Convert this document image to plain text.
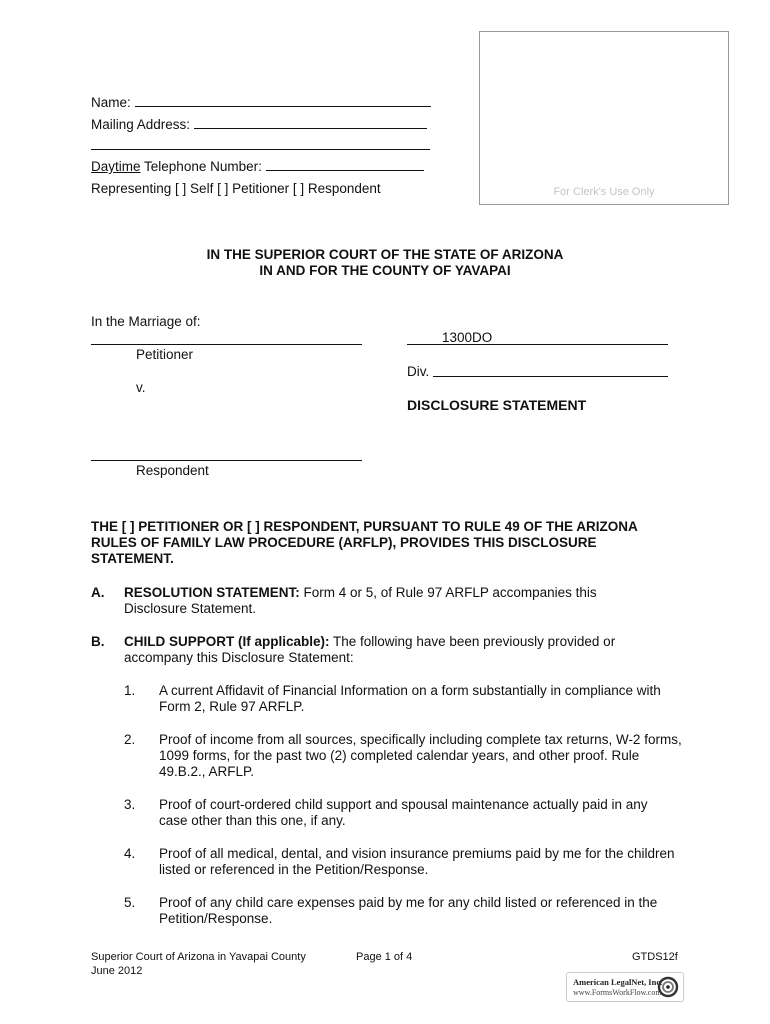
Name:
Mailing Address:
Daytime Telephone Number:
Representing [ ] Self [ ] Petitioner [ ] Respondent	For Clerk's Use Only
IN THE SUPERIOR COURT OF THE STATE OF ARIZONA
IN AND FOR THE COUNTY OF YAVAPAI
In the Marriage of:
Petitioner
v.
Respondent
1300DO
Div.
DISCLOSURE STATEMENT
THE [ ] PETITIONER OR [ ] RESPONDENT, PURSUANT TO RULE 49 OF THE ARIZONA RULES OF FAMILY LAW PROCEDURE (ARFLP), PROVIDES THIS DISCLOSURE STATEMENT.
A. RESOLUTION STATEMENT: Form 4 or 5, of Rule 97 ARFLP accompanies this Disclosure Statement.
B. CHILD SUPPORT (If applicable): The following have been previously provided or accompany this Disclosure Statement:
1. A current Affidavit of Financial Information on a form substantially in compliance with Form 2, Rule 97 ARFLP.
2. Proof of income from all sources, specifically including complete tax returns, W-2 forms, 1099 forms, for the past two (2) completed calendar years, and other proof. Rule 49.B.2., ARFLP.
3. Proof of court-ordered child support and spousal maintenance actually paid in any case other than this one, if any.
4. Proof of all medical, dental, and vision insurance premiums paid by me for the children listed or referenced in the Petition/Response.
5. Proof of any child care expenses paid by me for any child listed or referenced in the Petition/Response.
Superior Court of Arizona in Yavapai County
June 2012
Page 1 of 4	GTDS12f
American LegalNet, Inc.
www.FormsWorkFlow.com
